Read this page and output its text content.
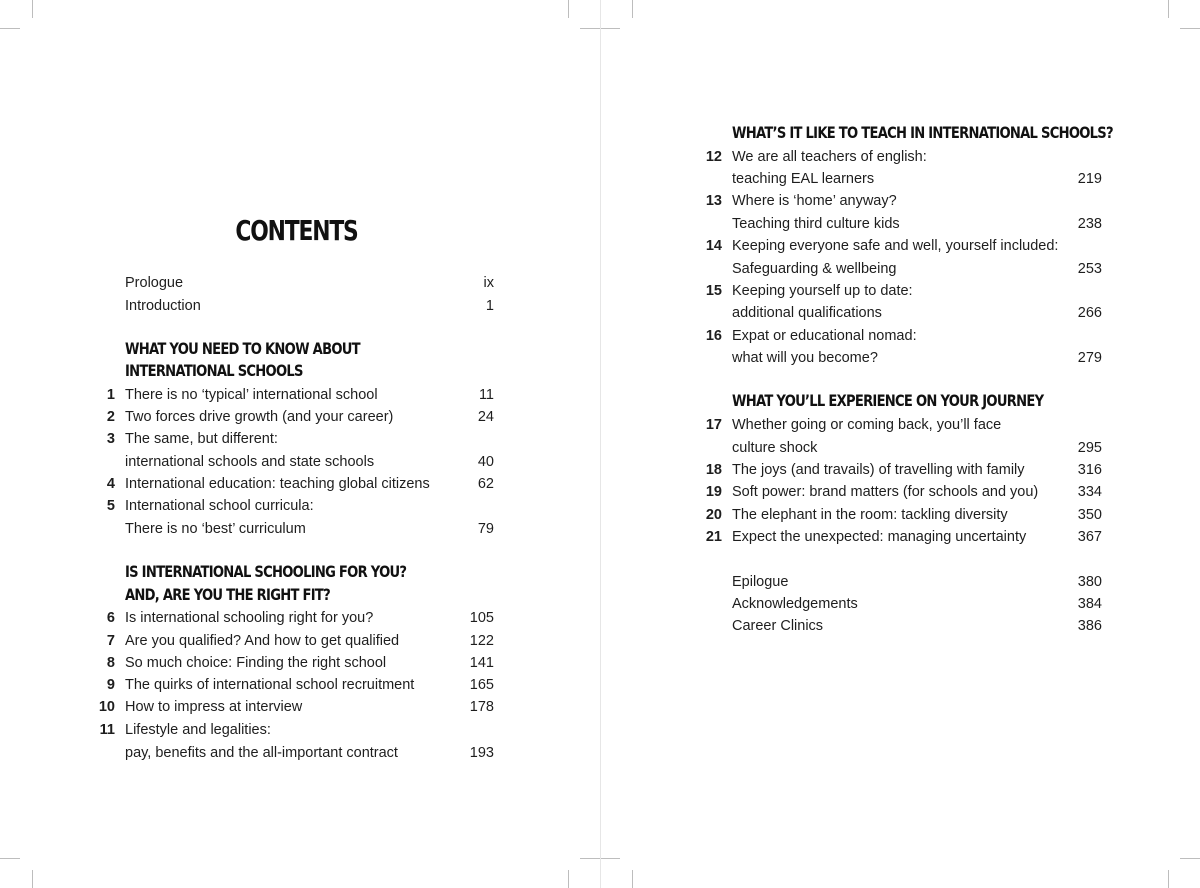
CONTENTS
Prologue	ix
Introduction	1
WHAT YOU NEED TO KNOW ABOUT
INTERNATIONAL SCHOOLS
1 There is no ‘typical’ international school	11
2 Two forces drive growth (and your career)	24
3 The same, but different:
international schools and state schools	40
4 International education: teaching global citizens	62
5 International school curricula:
There is no ‘best’ curriculum	79
IS INTERNATIONAL SCHOOLING FOR YOU?
AND, ARE YOU THE RIGHT FIT?
6 Is international schooling right for you?	105
7 Are you qualified? And how to get qualified	122
8 So much choice: Finding the right school	141
9 The quirks of international school recruitment	165
10 How to impress at interview	178
11 Lifestyle and legalities:
pay, benefits and the all-important contract	193
WHAT’S IT LIKE TO TEACH IN INTERNATIONAL SCHOOLS?
12 We are all teachers of english:
teaching EAL learners	219
13 Where is ‘home’ anyway?
Teaching third culture kids	238
14 Keeping everyone safe and well, yourself included:
Safeguarding & wellbeing	253
15 Keeping yourself up to date:
additional qualifications	266
16 Expat or educational nomad:
what will you become?	279
WHAT YOU’LL EXPERIENCE ON YOUR JOURNEY
17 Whether going or coming back, you’ll face
culture shock	295
18 The joys (and travails) of travelling with family	316
19 Soft power: brand matters (for schools and you)	334
20 The elephant in the room: tackling diversity	350
21 Expect the unexpected: managing uncertainty	367
Epilogue	380
Acknowledgements	384
Career Clinics	386
